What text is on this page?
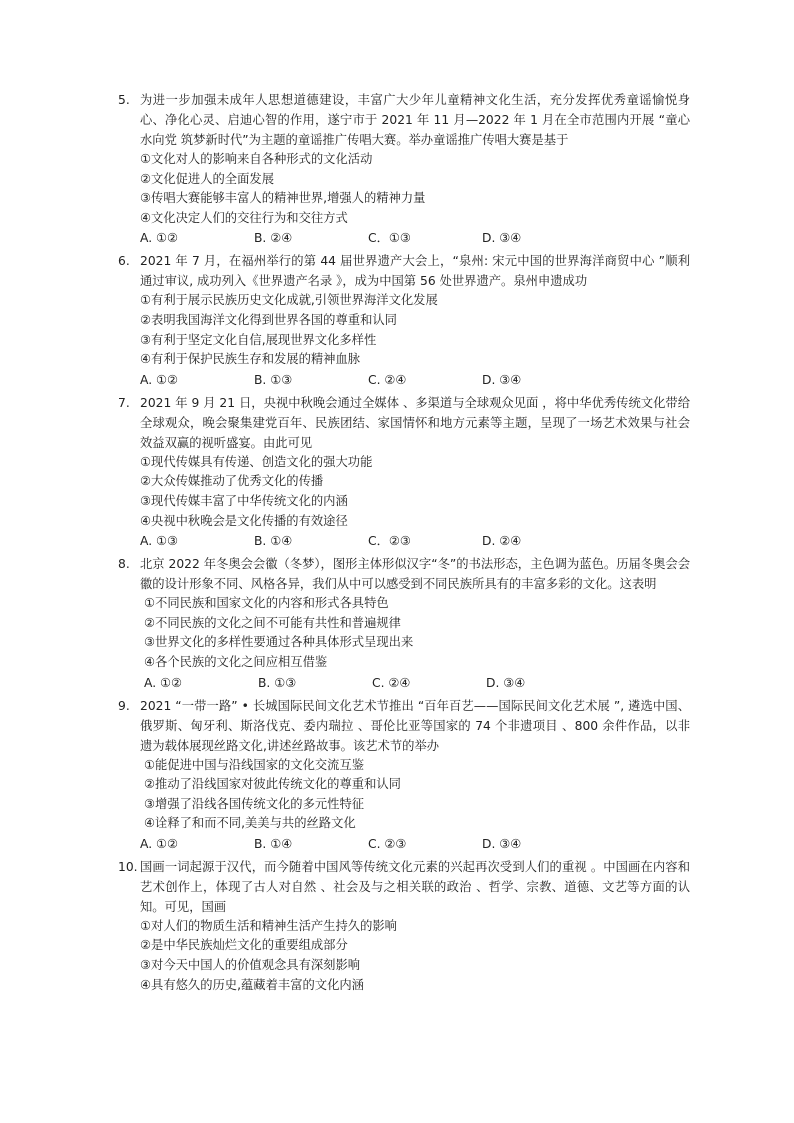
5. 为进一步加强未成年人思想道德建设，丰富广大少年儿童精神文化生活，充分发挥优秀童谣愉悦身心、净化心灵、启迪心智的作用，遂宁市于 2021 年 11 月—2022 年 1 月在全市范围内开展 “童心水向党 筑梦新时代”为主题的童谣推广传唱大赛。举办童谣推广传唱大赛是基于
①文化对人的影响来自各种形式的文化活动
②文化促进人的全面发展
③传唱大赛能够丰富人的精神世界,增强人的精神力量
④文化决定人们的交往行为和交往方式
A. ①②	B. ②④	C．①③	D. ③④
6. 2021 年 7 月，在福州举行的第 44 届世界遗产大会上，“泉州: 宋元中国的世界海洋商贸中心 ”顺利通过审议, 成功列入《世界遗产名录 》，成为中国第 56 处世界遗产。泉州申遗成功
①有利于展示民族历史文化成就,引领世界海洋文化发展
②表明我国海洋文化得到世界各国的尊重和认同
③有利于坚定文化自信,展现世界文化多样性
④有利于保护民族生存和发展的精神血脉
A. ①②	B. ①③	C. ②④	D. ③④
7. 2021 年 9 月 21 日，央视中秋晚会通过全媒体 、多渠道与全球观众见面 ，将中华优秀传统文化带给全球观众，晚会聚集建党百年、民族团结、家国情怀和地方元素等主题，呈现了一场艺术效果与社会效益双赢的视听盛宴。由此可见
①现代传媒具有传递、创造文化的强大功能
②大众传媒推动了优秀文化的传播
③现代传媒丰富了中华传统文化的内涵
④央视中秋晚会是文化传播的有效途径
A. ①③	B. ①④	C．②③	D. ②④
8. 北京 2022 年冬奥会会徽（冬梦），图形主体形似汉字“冬”的书法形态，主色调为蓝色。历届冬奥会会徽的设计形象不同、风格各异，我们从中可以感受到不同民族所具有的丰富多彩的文化。这表明
①不同民族和国家文化的内容和形式各具特色
②不同民族的文化之间不可能有共性和普遍规律
③世界文化的多样性要通过各种具体形式呈现出来
④各个民族的文化之间应相互借鉴
A. ①②	B. ①③	C. ②④	D. ③④
9. 2021 “一带一路” • 长城国际民间文化艺术节推出 “百年百艺——国际民间文化艺术展 ”, 遴选中国、俄罗斯、匈牙利、斯洛伐克、委内瑞拉 、哥伦比亚等国家的 74 个非遗项目 、800 余件作品，以非遗为载体展现丝路文化,讲述丝路故事。该艺术节的举办
①能促进中国与沿线国家的文化交流互鉴
②推动了沿线国家对彼此传统文化的尊重和认同
③增强了沿线各国传统文化的多元性特征
④诠释了和而不同,美美与共的丝路文化
A. ①②	B. ①④	C. ②③	D. ③④
10. 国画一词起源于汉代，而今随着中国风等传统文化元素的兴起再次受到人们的重视 。中国画在内容和艺术创作上，体现了古人对自然 、社会及与之相关联的政治 、哲学、宗教、道德、文艺等方面的认知。可见，国画
①对人们的物质生活和精神生活产生持久的影响
②是中华民族灿烂文化的重要组成部分
③对今天中国人的价值观念具有深刻影响
④具有悠久的历史,蕴藏着丰富的文化内涵
